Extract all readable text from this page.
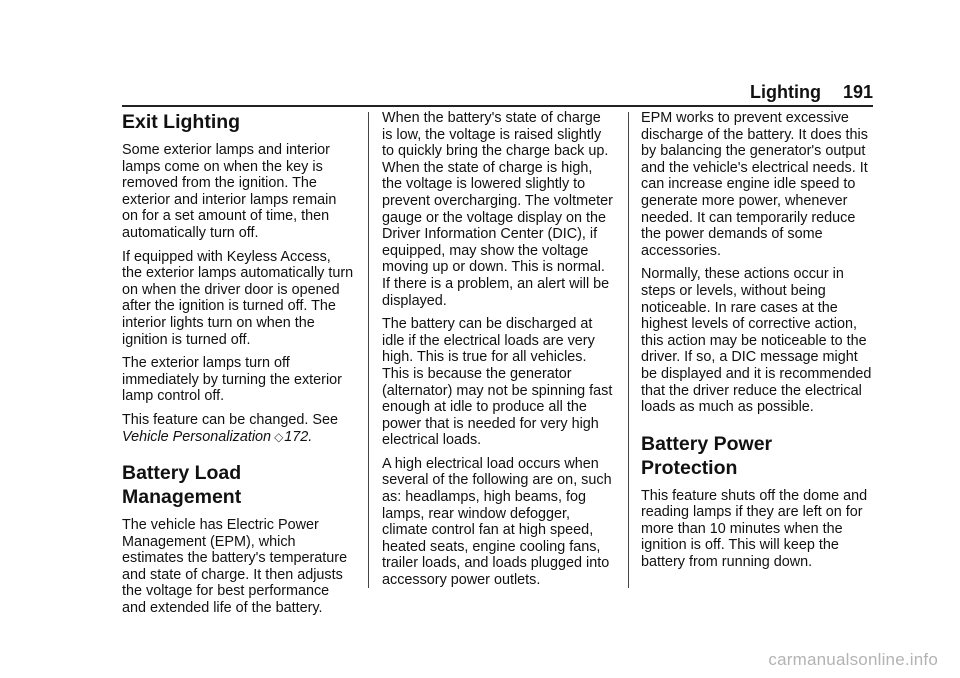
Lighting 191
Exit Lighting

Some exterior lamps and interior lamps come on when the key is removed from the ignition. The exterior and interior lamps remain on for a set amount of time, then automatically turn off.

If equipped with Keyless Access, the exterior lamps automatically turn on when the driver door is opened after the ignition is turned off. The interior lights turn on when the ignition is turned off.

The exterior lamps turn off immediately by turning the exterior lamp control off.

This feature can be changed. See Vehicle Personalization ◇172.

Battery Load Management

The vehicle has Electric Power Management (EPM), which estimates the battery's temperature and state of charge. It then adjusts the voltage for best performance and extended life of the battery.

When the battery's state of charge is low, the voltage is raised slightly to quickly bring the charge back up. When the state of charge is high, the voltage is lowered slightly to prevent overcharging. The voltmeter gauge or the voltage display on the Driver Information Center (DIC), if equipped, may show the voltage moving up or down. This is normal. If there is a problem, an alert will be displayed.

The battery can be discharged at idle if the electrical loads are very high. This is true for all vehicles. This is because the generator (alternator) may not be spinning fast enough at idle to produce all the power that is needed for very high electrical loads.

A high electrical load occurs when several of the following are on, such as: headlamps, high beams, fog lamps, rear window defogger, climate control fan at high speed, heated seats, engine cooling fans, trailer loads, and loads plugged into accessory power outlets.

EPM works to prevent excessive discharge of the battery. It does this by balancing the generator's output and the vehicle's electrical needs. It can increase engine idle speed to generate more power, whenever needed. It can temporarily reduce the power demands of some accessories.

Normally, these actions occur in steps or levels, without being noticeable. In rare cases at the highest levels of corrective action, this action may be noticeable to the driver. If so, a DIC message might be displayed and it is recommended that the driver reduce the electrical loads as much as possible.

Battery Power Protection

This feature shuts off the dome and reading lamps if they are left on for more than 10 minutes when the ignition is off. This will keep the battery from running down.

carmanualsonline.info
